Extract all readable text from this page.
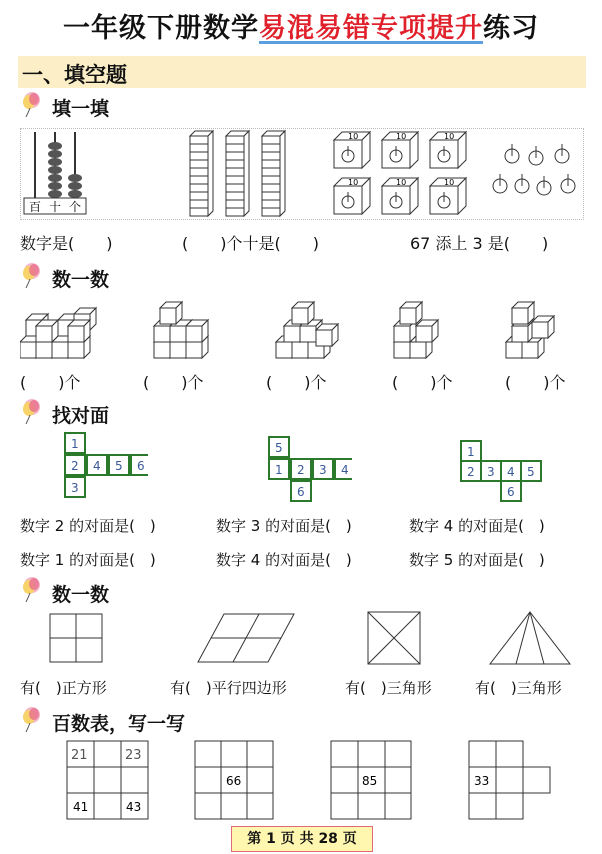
一年级下册数学易混易错专项提升练习
一、填空题
填一填
百 十 个
10	10	10
10	10	10
数字是(　　)	(　　)个十是(　　)	67 添上 3 是(　　)
数一数
(　　)个	(　　)个	(　　)个	(　　)个	(　　)个
找对面
1
2 4 5 6
3
5
1 2 3 4
6
1
2 3 4 5
6
数字 2 的对面是(　)	数字 3 的对面是(　)	数字 4 的对面是(　)
数字 1 的对面是(　)	数字 4 的对面是(　)	数字 5 的对面是(　)
数一数
有(　)正方形	有(　)平行四边形	有(　)三角形	有(　)三角形
百数表，写一写
21	23
41	43
66	85	33
第 1 页 共 28 页
